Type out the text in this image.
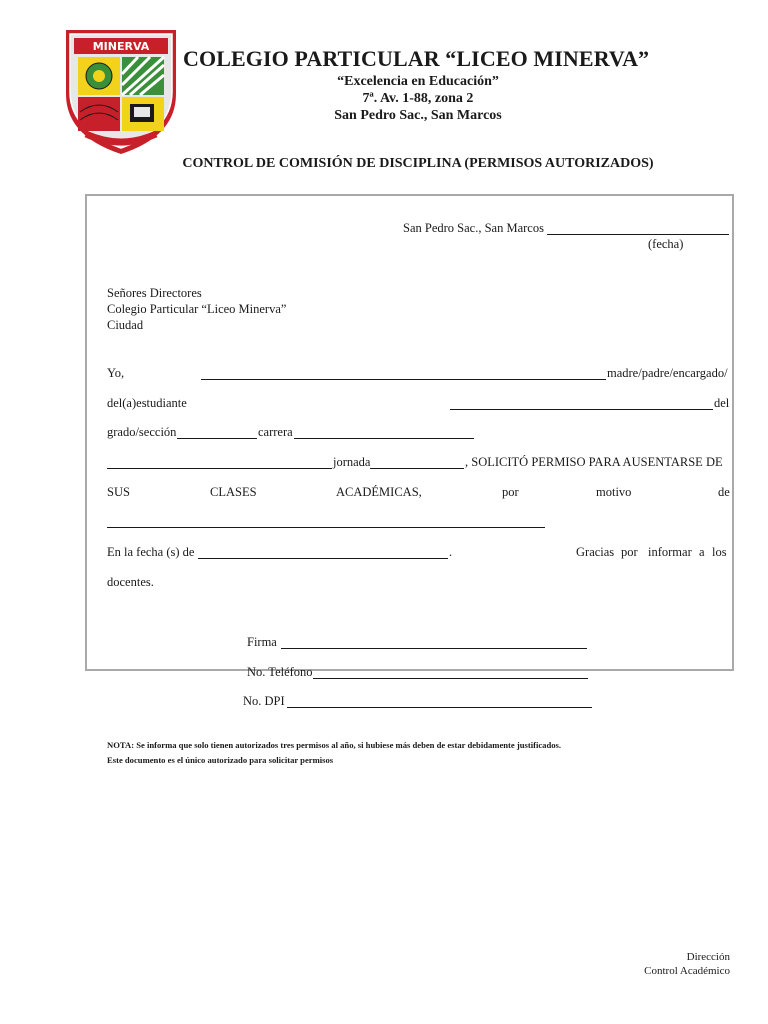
MINERVA COLEGIO PARTICULAR “LICEO MINERVA”
“Excelencia en Educación”
7ª. Av. 1-88, zona 2
San Pedro Sac., San Marcos
CONTROL DE COMISIÓN DE DISCIPLINA (PERMISOS AUTORIZADOS)
San Pedro Sac., San Marcos
(fecha)
Señores Directores
Colegio Particular “Liceo Minerva”
Ciudad
Yo,	madre/padre/encargado/
del(a)estudiante	del
grado/sección	carrera
jornada	, SOLICITÓ PERMISO PARA AUSENTARSE DE
SUS	CLASES	ACADÉMICAS,	por	motivo	de
En la fecha (s) de	.	Gracias por informar a los
docentes.
Firma
No. Teléfono
No. DPI
NOTA: Se informa que solo tienen autorizados tres permisos al año, si hubiese más deben de estar debidamente justificados.
Este documento es el único autorizado para solicitar permisos
Dirección
Control Académico
